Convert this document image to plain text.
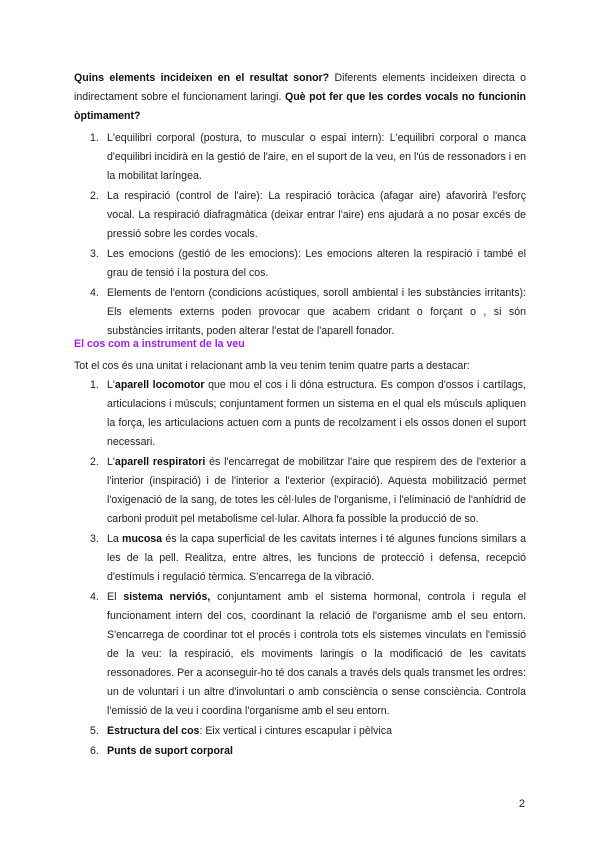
Quins elements incideixen en el resultat sonor? Diferents elements incideixen directa o indirectament sobre el funcionament laringi. Què pot fer que les cordes vocals no funcionin òptimament?

1. L'equilibri corporal (postura, to muscular o espai intern): L'equilibri corporal o manca d'equilibri incidirà en la gestió de l'aire, en el suport de la veu, en l'ús de ressonadors i en la mobilitat laríngea.
2. La respiració (control de l'aire): La respiració toràcica (afagar aire) afavorirà l'esforç vocal. La respiració diafragmàtica (deixar entrar l'aire) ens ajudarà a no posar excés de pressió sobre les cordes vocals.
3. Les emocions (gestió de les emocions): Les emocions alteren la respiració i també el grau de tensió i la postura del cos.
4. Elements de l'entorn (condicions acústiques, soroll ambiental i les substàncies irritants): Els elements externs poden provocar que acabem cridant o forçant o , si són substàncies irritants, poden alterar l'estat de l'aparell fonador.

El cos com a instrument de la veu

Tot el cos és una unitat i relacionant amb la veu tenim tenim quatre parts a destacar:

1. L'aparell locomotor que mou el cos i li dóna estructura. Es compon d'ossos i cartílags, articulacions i músculs; conjuntament formen un sistema en el qual els músculs apliquen la força, les articulacions actuen com a punts de recolzament i els ossos donen el suport necessari.
2. L'aparell respiratori és l'encarregat de mobilitzar l'aire que respirem des de l'exterior a l'interior (inspiració) i de l'interior a l'exterior (expiració). Aquesta mobilització permet l'oxigenació de la sang, de totes les cèl·lules de l'organisme, i l'eliminació de l'anhídrid de carboni produït pel metabolisme cel·lular. Alhora fa possible la producció de so.
3. La mucosa és la capa superficial de les cavitats internes i té algunes funcions similars a les de la pell. Realitza, entre altres, les funcions de protecció i defensa, recepció d'estímuls i regulació tèrmica. S'encarrega de la vibració.
4. El sistema nerviós, conjuntament amb el sistema hormonal, controla i regula el funcionament intern del cos, coordinant la relació de l'organisme amb el seu entorn. S'encarrega de coordinar tot el procés i controla tots els sistemes vinculats en l'emissió de la veu: la respiració, els moviments laringis o la modificació de les cavitats ressonadores. Per a aconseguir-ho té dos canals a través dels quals transmet les ordres: un de voluntari i un altre d'involuntari o amb consciència o sense consciència. Controla l'emissió de la veu i coordina l'organisme amb el seu entorn.
5. Estructura del cos: Eix vertical i cintures escapular i pèlvica
6. Punts de suport corporal
2
